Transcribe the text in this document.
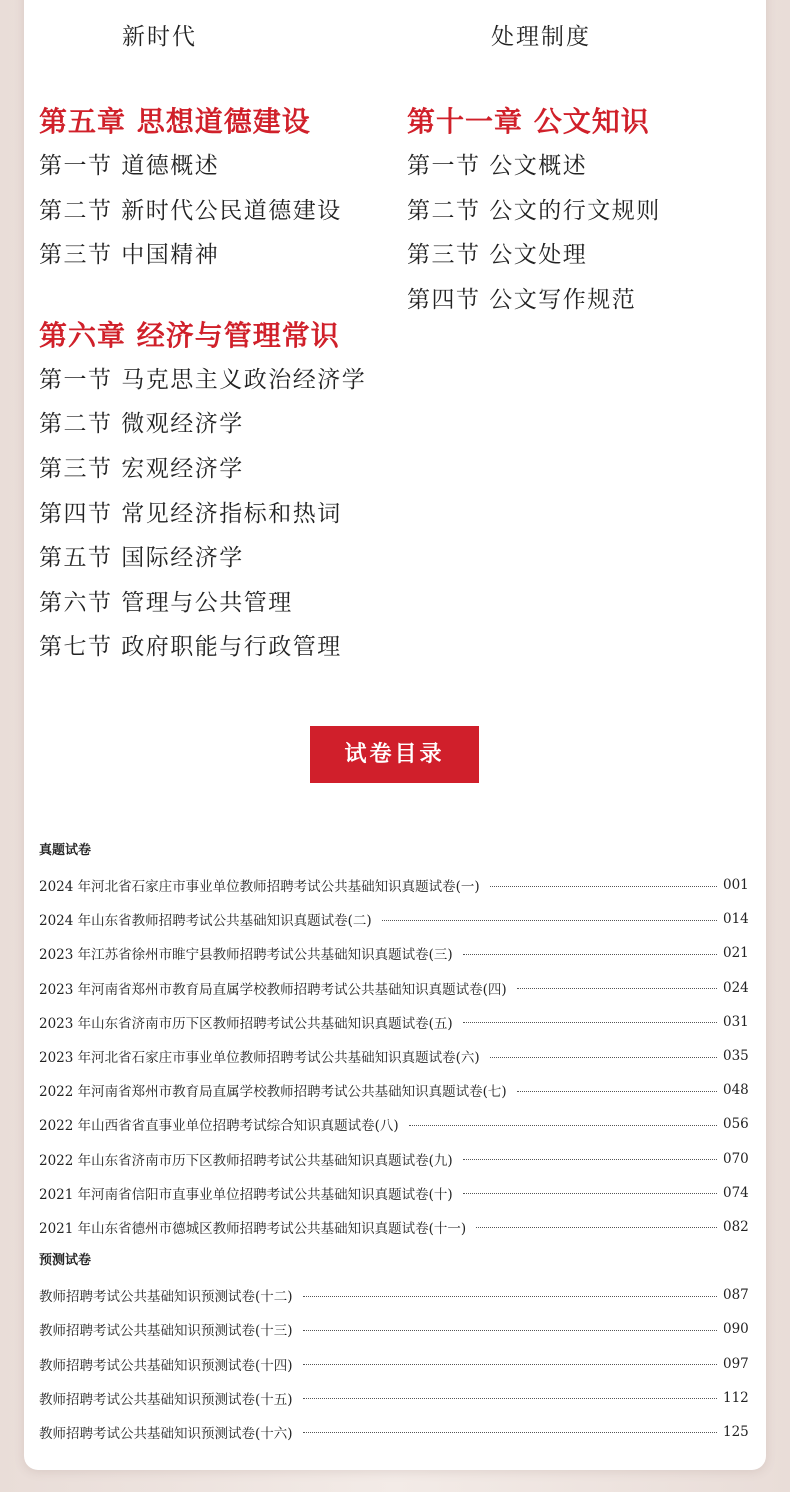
新时代	处理制度
第五章 思想道德建设
第一节 道德概述
第二节 新时代公民道德建设
第三节 中国精神
第六章 经济与管理常识
第一节 马克思主义政治经济学
第二节 微观经济学
第三节 宏观经济学
第四节 常见经济指标和热词
第五节 国际经济学
第六节 管理与公共管理
第七节 政府职能与行政管理
第十一章 公文知识
第一节 公文概述
第二节 公文的行文规则
第三节 公文处理
第四节 公文写作规范
试卷目录
真题试卷
2024 年河北省石家庄市事业单位教师招聘考试公共基础知识真题试卷(一)	001
2024 年山东省教师招聘考试公共基础知识真题试卷(二)	014
2023 年江苏省徐州市睢宁县教师招聘考试公共基础知识真题试卷(三)	021
2023 年河南省郑州市教育局直属学校教师招聘考试公共基础知识真题试卷(四)	024
2023 年山东省济南市历下区教师招聘考试公共基础知识真题试卷(五)	031
2023 年河北省石家庄市事业单位教师招聘考试公共基础知识真题试卷(六)	035
2022 年河南省郑州市教育局直属学校教师招聘考试公共基础知识真题试卷(七)	048
2022 年山西省省直事业单位招聘考试综合知识真题试卷(八)	056
2022 年山东省济南市历下区教师招聘考试公共基础知识真题试卷(九)	070
2021 年河南省信阳市直事业单位招聘考试公共基础知识真题试卷(十)	074
2021 年山东省德州市德城区教师招聘考试公共基础知识真题试卷(十一)	082
预测试卷
教师招聘考试公共基础知识预测试卷(十二)	087
教师招聘考试公共基础知识预测试卷(十三)	090
教师招聘考试公共基础知识预测试卷(十四)	097
教师招聘考试公共基础知识预测试卷(十五)	112
教师招聘考试公共基础知识预测试卷(十六)	125
